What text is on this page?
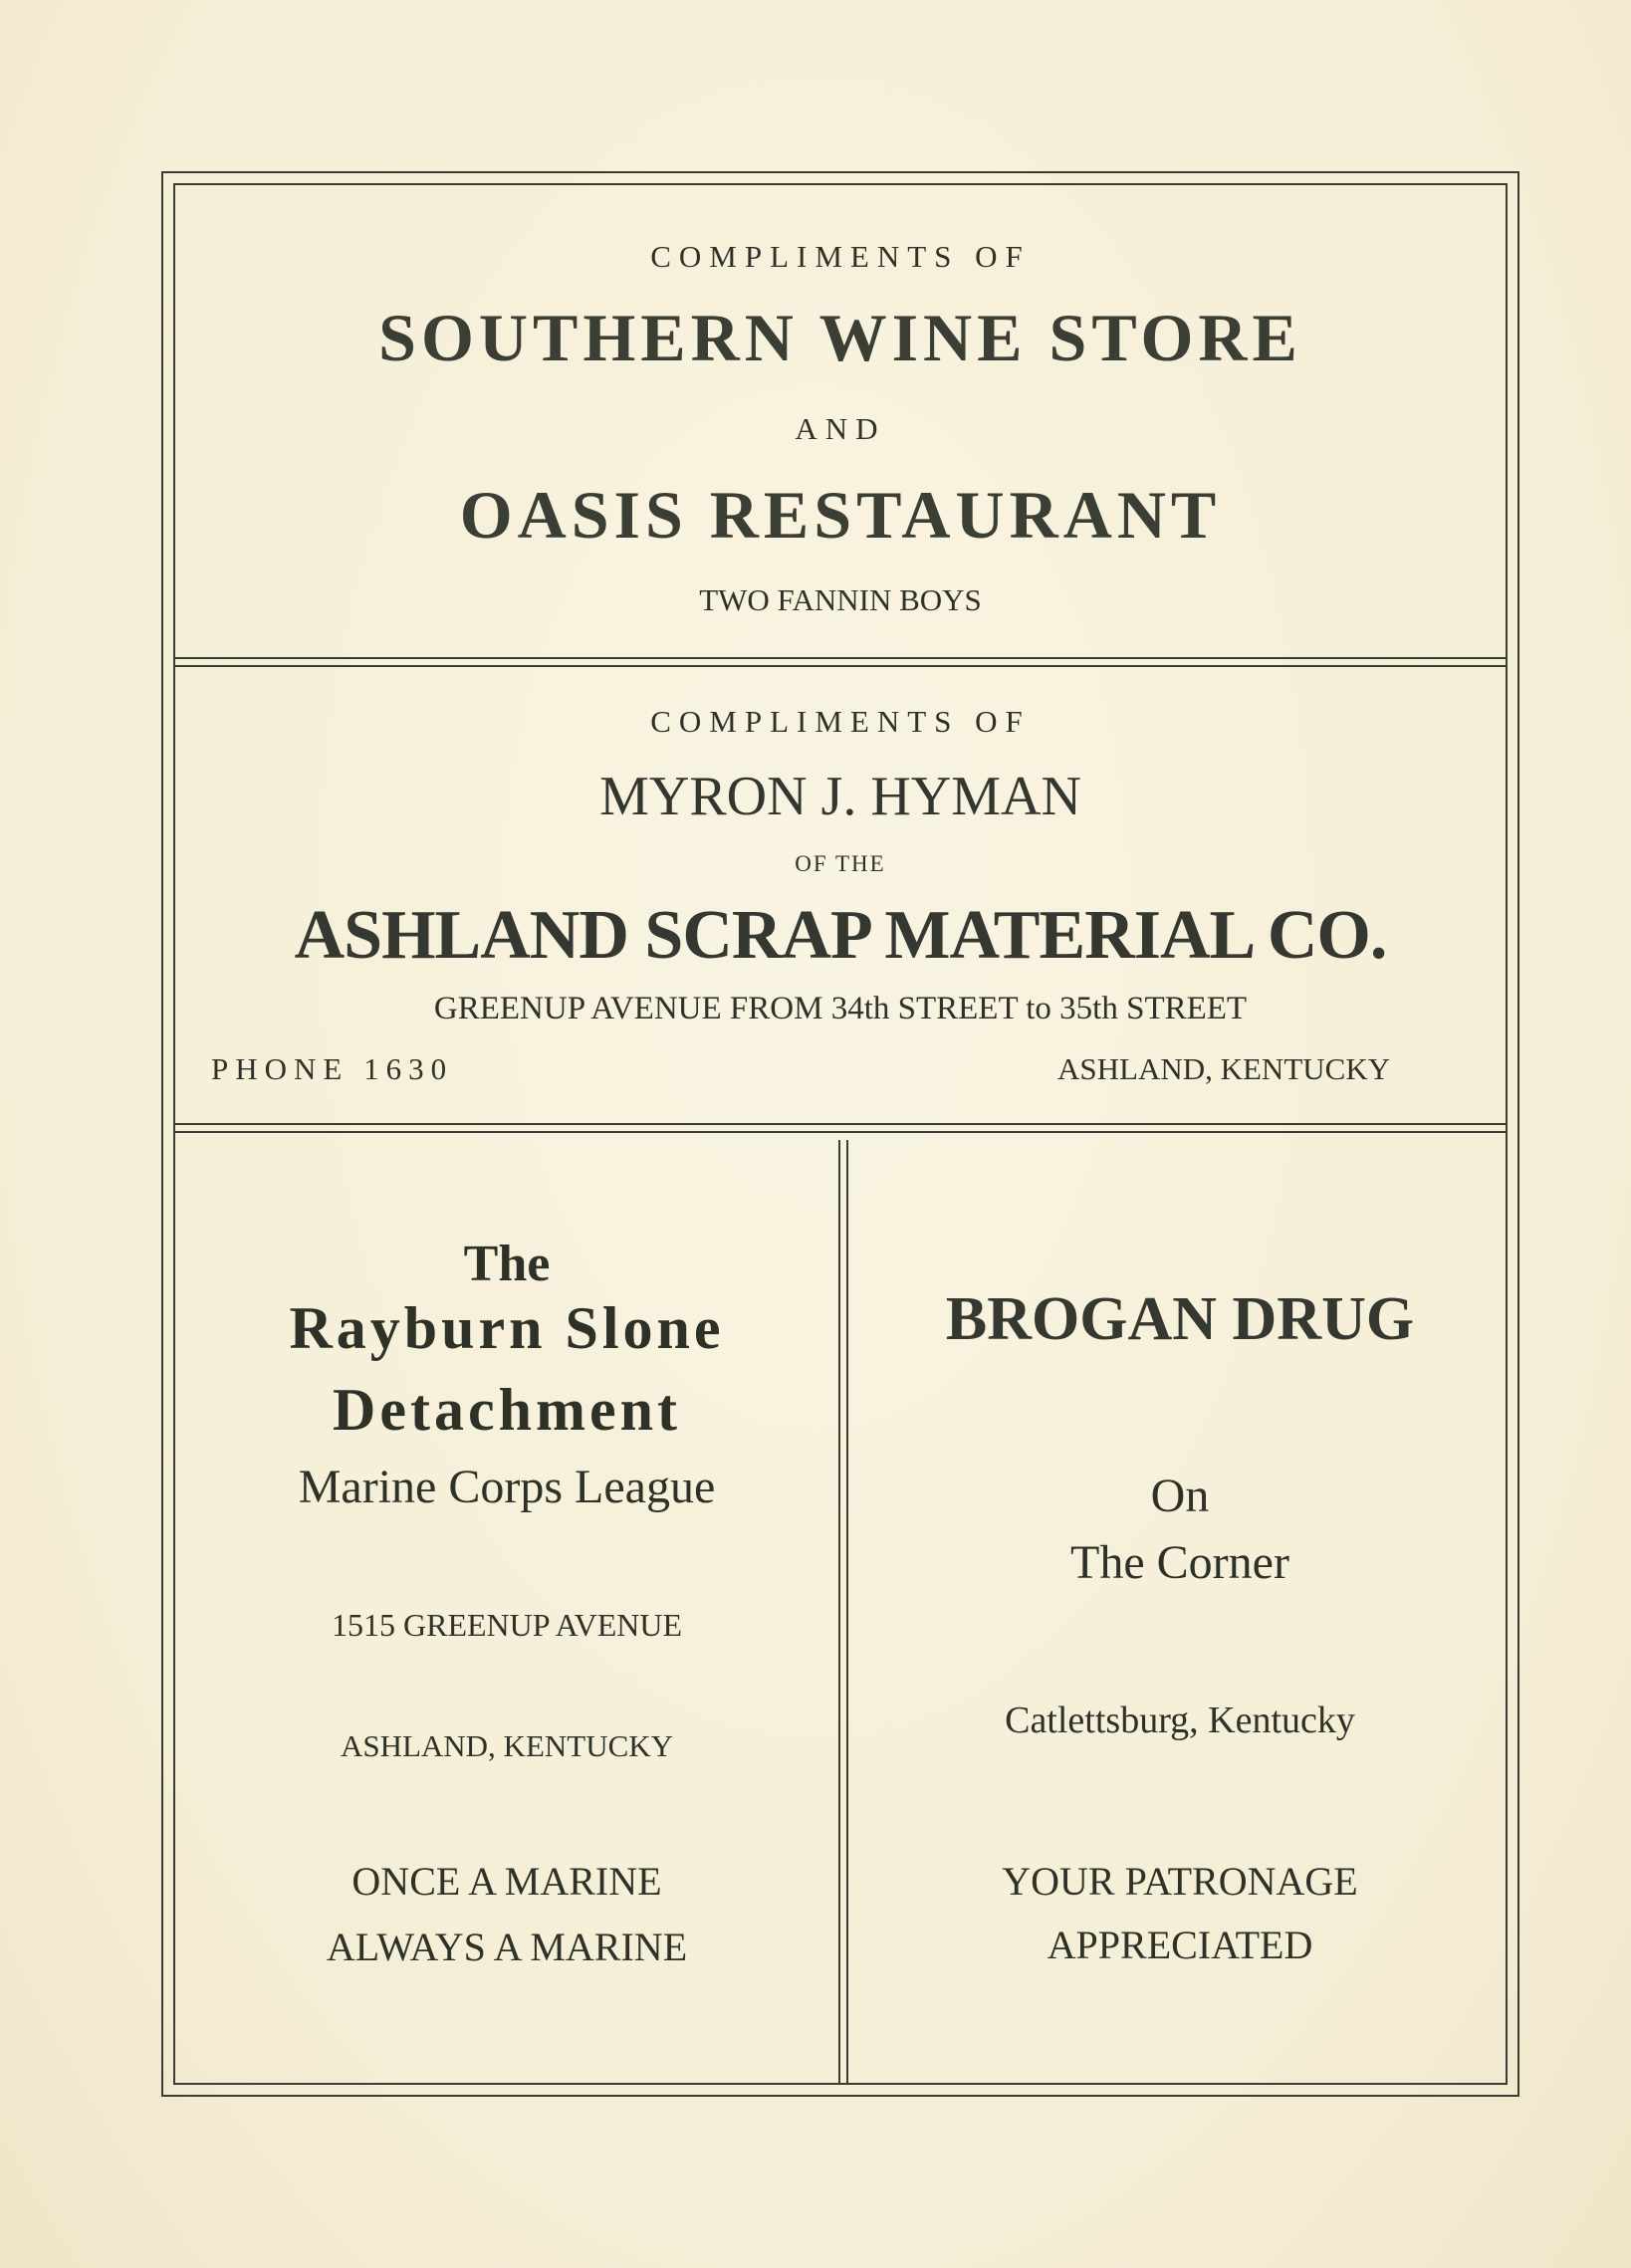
COMPLIMENTS OF
SOUTHERN WINE STORE
AND
OASIS RESTAURANT
TWO FANNIN BOYS
COMPLIMENTS OF
MYRON J. HYMAN
OF THE
ASHLAND SCRAP MATERIAL CO.
GREENUP AVENUE FROM 34th STREET to 35th STREET
PHONE 1630	ASHLAND, KENTUCKY
The
Rayburn Slone
Detachment
Marine Corps League
1515 GREENUP AVENUE
ASHLAND, KENTUCKY
ONCE A MARINE
ALWAYS A MARINE
BROGAN DRUG
On
The Corner
Catlettsburg, Kentucky
YOUR PATRONAGE
APPRECIATED
